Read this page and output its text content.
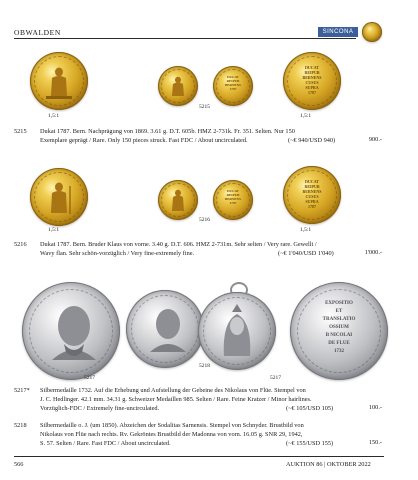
OBWALDEN	SINCONA
DUCAT
REIPUB
BERNENS
1787
DUCAT
REIPUB
BERNENS
CUSUS
SUPRA
1787
5215
1,5:1	1,5:1
5215 Dukat 1787. Bern. Nachprägung von 1869. 3.61 g. D.T. 605b. HMZ 2-731k. Fr. 351. Selten. Nur 150
Exemplare geprägt / Rare. Only 150 pieces struck. Fast FDC / About uncirculated.	(~€ 940/USD 940)	900.-
DUCAT
REIPUB
BERNENS
1787
DUCAT
REIPUB
BERNENS
CUSUS
SUPRA
1787
5216
1,5:1	1,5:1
5216 Dukat 1787. Bern. Bruder Klaus von vorne. 3.40 g. D.T. 606. HMZ 2-731m. Sehr selten / Very rare. Gewellt /
Wavy flan. Sehr schön-vorzüglich / Very fine-extremely fine.	(~€ 1'040/USD 1'040)	1'000.-
EXPOSITIO
ET
TRANSLATIO
OSSIUM
B NICOLAI
DE FLUE
1732
5217
5218
5217
5217* Silbermedaille 1732. Auf die Erhebung und Aufstellung der Gebeine des Nikolaus von Flüe. Stempel von
J. C. Hedlinger. 42.1 mm. 34.31 g. Schweizer Medaillen 985. Selten / Rare. Feine Kratzer / Minor hairlines.
Vorzüglich-FDC / Extremely fine-uncirculated.	(~€ 105/USD 105)	100.-
5218 Silbermedaille o. J. (um 1850). Abzeichen der Sodalitas Sarnensis. Stempel von Schnyder. Brustbild von
Nikolaus von Flüe nach rechts. Rv. Gekröntes Brustbild der Madonna von vorn. 16.05 g. SNR 29, 1942,
S. 57. Selten / Rare. Fast FDC / About uncirculated.	(~€ 155/USD 155)	150.-
566	AUKTION 86 | OKTOBER 2022
